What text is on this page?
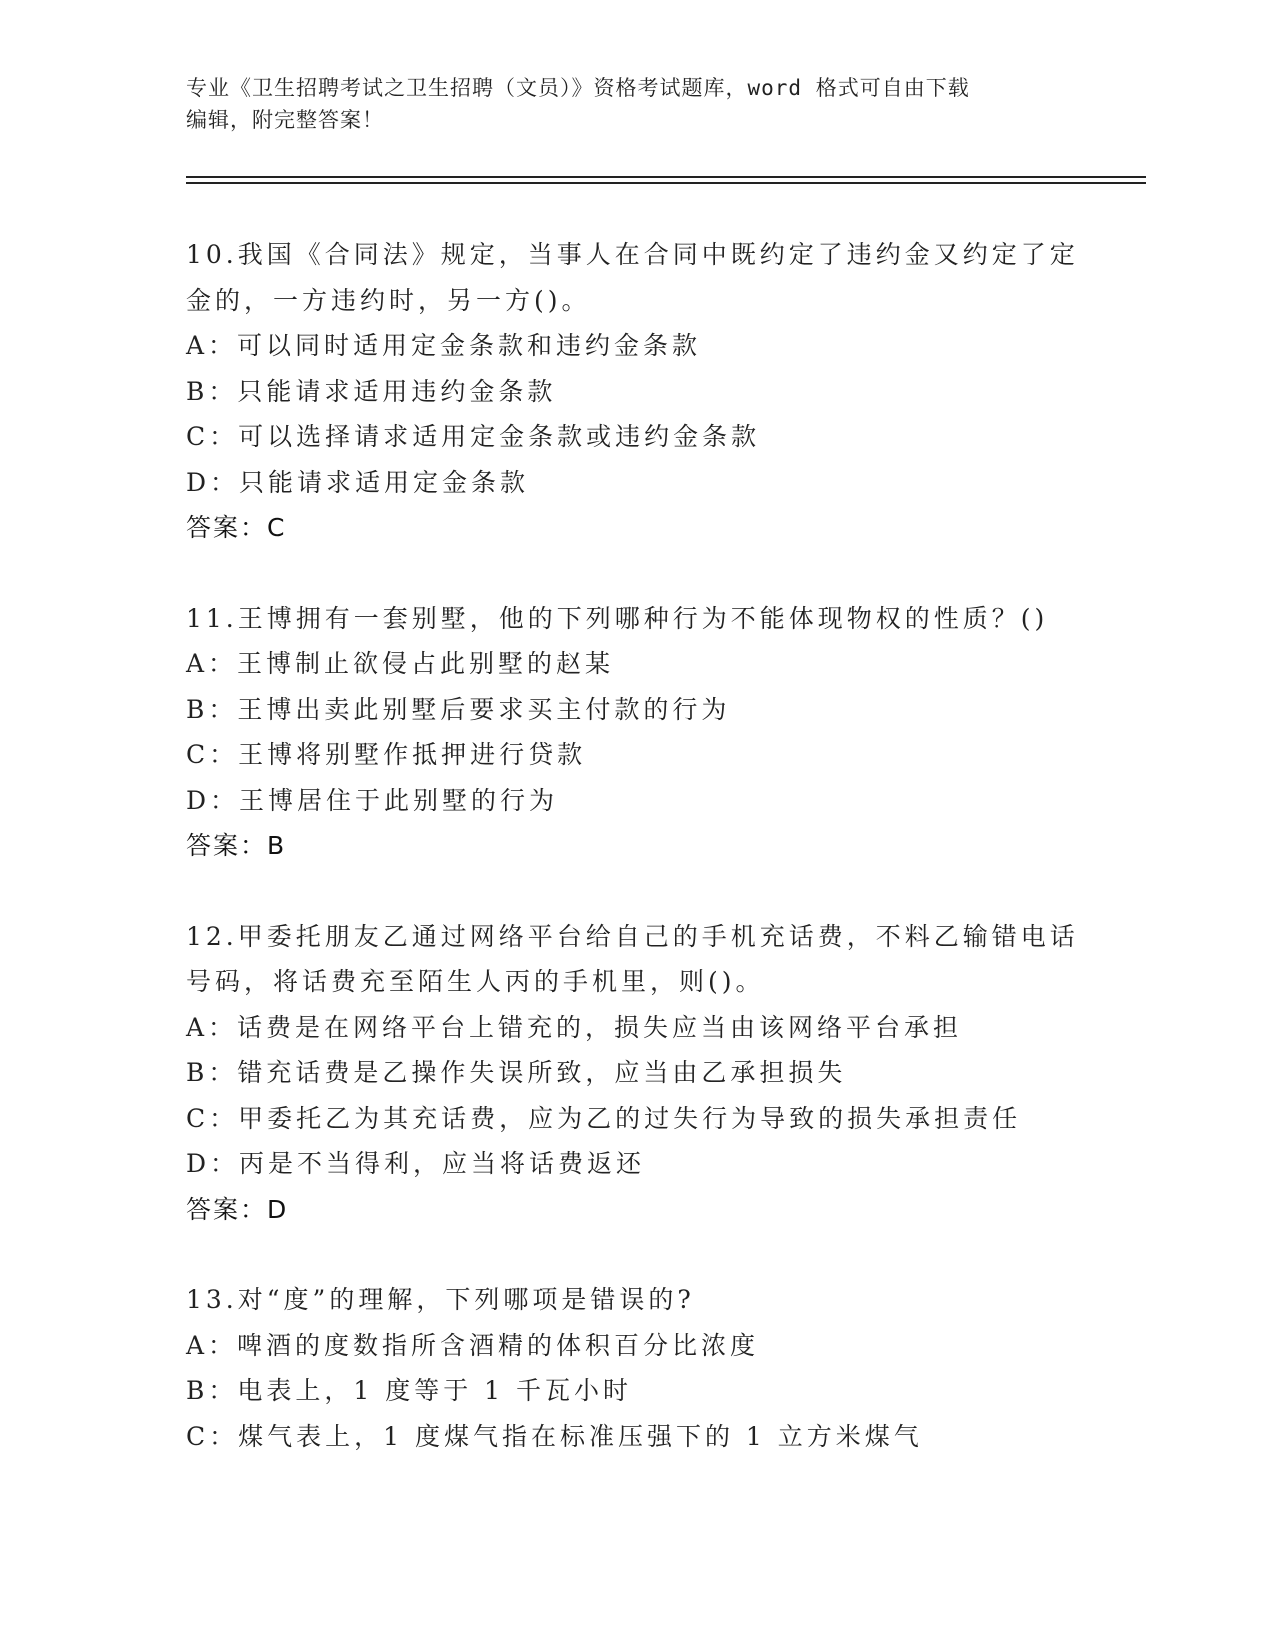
专业《卫生招聘考试之卫生招聘（文员）》资格考试题库，word 格式可自由下载
编辑，附完整答案！
10.我国《合同法》规定，当事人在合同中既约定了违约金又约定了定
金的，一方违约时，另一方()。
A：可以同时适用定金条款和违约金条款
B：只能请求适用违约金条款
C：可以选择请求适用定金条款或违约金条款
D：只能请求适用定金条款
答案：C
11.王博拥有一套别墅，他的下列哪种行为不能体现物权的性质？()
A：王博制止欲侵占此别墅的赵某
B：王博出卖此别墅后要求买主付款的行为
C：王博将别墅作抵押进行贷款
D：王博居住于此别墅的行为
答案：B
12.甲委托朋友乙通过网络平台给自己的手机充话费，不料乙输错电话
号码，将话费充至陌生人丙的手机里，则()。
A：话费是在网络平台上错充的，损失应当由该网络平台承担
B：错充话费是乙操作失误所致，应当由乙承担损失
C：甲委托乙为其充话费，应为乙的过失行为导致的损失承担责任
D：丙是不当得利，应当将话费返还
答案：D
13.对“度”的理解，下列哪项是错误的?
A：啤酒的度数指所含酒精的体积百分比浓度
B：电表上，1 度等于 1 千瓦小时
C：煤气表上，1 度煤气指在标准压强下的 1 立方米煤气
